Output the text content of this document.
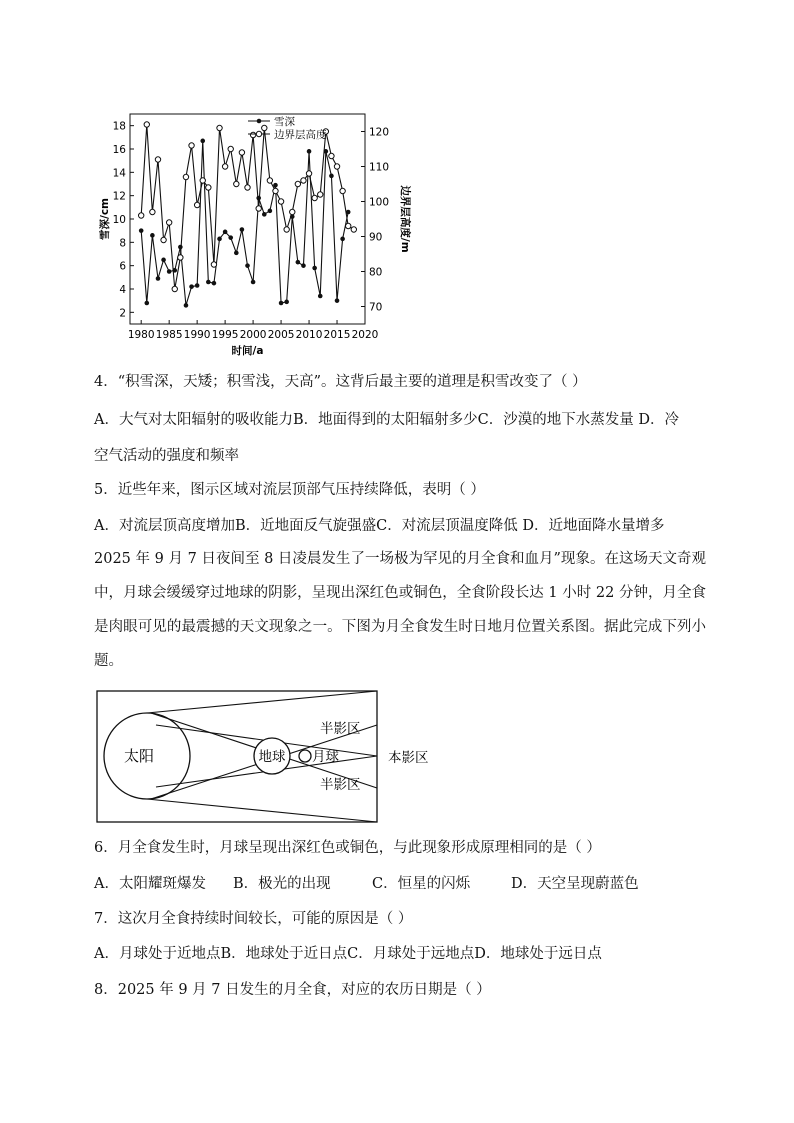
时间/a
雪深/cm	边界层高度/m
1980 1985 1990 1995 2000 2005 2010 2015 2020
2
4
6
8
10
12
14
16
18
70
80
90
100
110
120
雪深
边界层高度
4．“积雪深，天矮；积雪浅，天高”。这背后最主要的道理是积雪改变了（ ）
A．大气对太阳辐射的吸收能力B．地面得到的太阳辐射多少C．沙漠的地下水蒸发量 D．冷
空气活动的强度和频率
5．近些年来，图示区域对流层顶部气压持续降低，表明（ ）
A．对流层顶高度增加B．近地面反气旋强盛C．对流层顶温度降低 D．近地面降水量增多
2025 年 9 月 7 日夜间至 8 日凌晨发生了一场极为罕见的月全食和血月”现象。在这场天文奇观中，月球会缓缓穿过地球的阴影，呈现出深红色或铜色，全食阶段长达 1 小时 22 分钟，月全食是肉眼可见的最震撼的天文现象之一。下图为月全食发生时日地月位置关系图。据此完成下列小题。
地球 月球
太阳
半影区
半影区
本影区
6．月全食发生时，月球呈现出深红色或铜色，与此现象形成原理相同的是（ ）
A．太阳耀斑爆发 B．极光的出现	C．恒星的闪烁	D．天空呈现蔚蓝色
7．这次月全食持续时间较长，可能的原因是（ ）
A．月球处于近地点B．地球处于近日点C．月球处于远地点D．地球处于远日点
8．2025 年 9 月 7 日发生的月全食，对应的农历日期是（ ）
